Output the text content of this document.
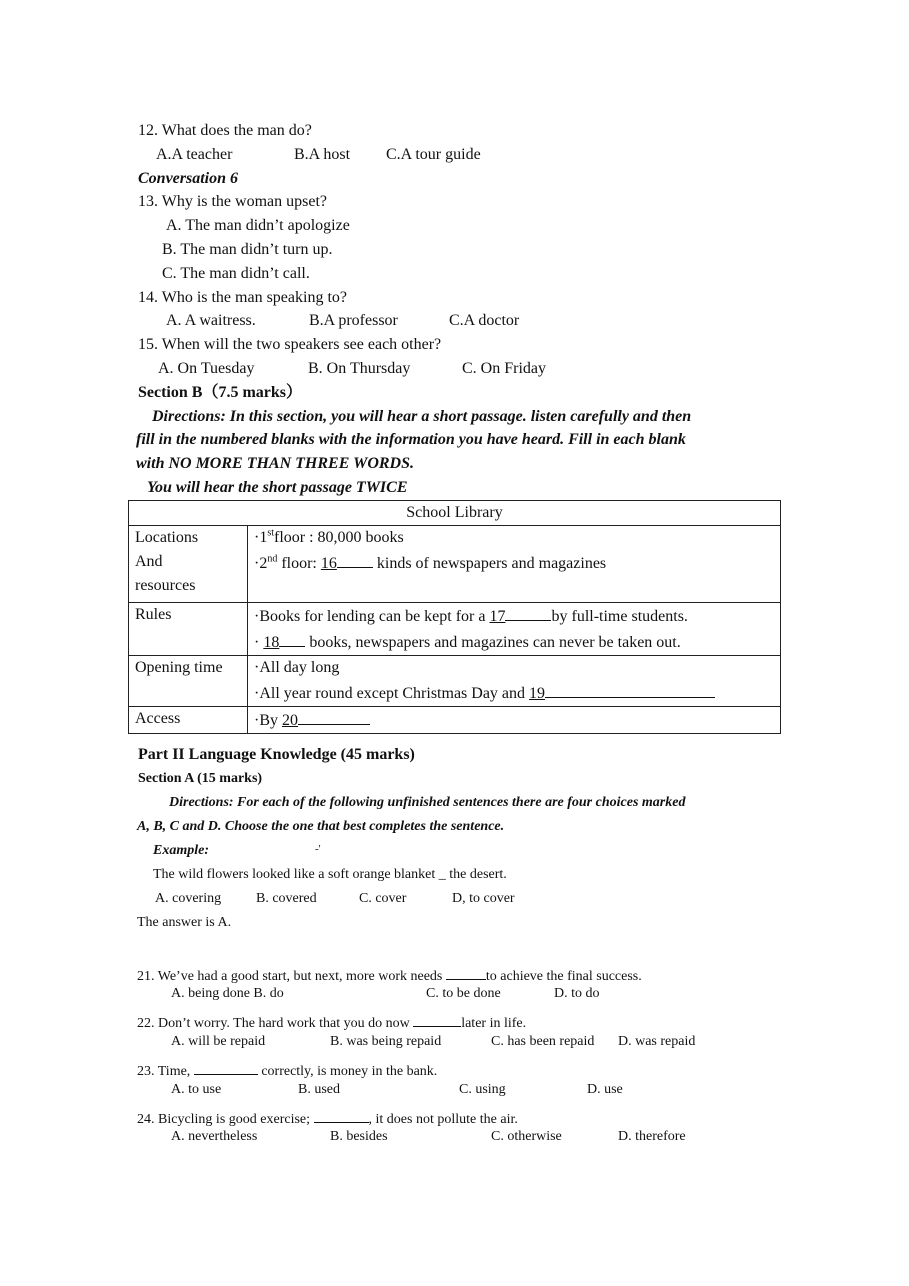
12. What does the man do?
A.A teacher	B.A host C.A tour guide
Conversation 6
13. Why is the woman upset?
A. The man didn’t apologize
B. The man didn’t turn up.
C. The man didn’t call.
14. Who is the man speaking to?
A. A waitress.	B.A professor	C.A doctor
15. When will the two speakers see each other?
A. On Tuesday	B. On Thursday	C. On Friday
Section B（7.5 marks）
Directions: In this section, you will hear a short passage. listen carefully and then
fill in the numbered blanks with the information you have heard. Fill in each blank
with NO MORE THAN THREE WORDS.
You will hear the short passage TWICE
School Library	

Locations
And
resources	·1stfloor : 80,000 books
·2nd floor: 16 kinds of newspapers and magazines

Rules	·Books for lending can be kept for a 17 by full-time students.
· 18 books, newspapers and magazines can never be taken out.

Opening time	·All day long
·All year round except Christmas Day and 19

Access	·By 20
Part II Language Knowledge (45 marks)
Section A (15 marks)
Directions: For each of the following unfinished sentences there are four choices marked
A, B, C and D. Choose the one that best completes the sentence.
Example:	-'
The wild flowers looked like a soft orange blanket _ the desert.
A. covering B. covered	C. cover	D, to cover
The answer is A.
21. We’ve had a good start, but next, more work needs	to achieve the final success.
A. being done B. do	C. to be done	D. to do
22. Don’t worry. The hard work that you do now	later in life.
A. will be repaid	B. was being repaid	C. has been repaid D. was repaid
23. Time,	correctly, is money in the bank.
A. to use	B. used	C. using	D. use
24. Bicycling is good exercise;	, it does not pollute the air.
A. nevertheless	B. besides	C. otherwise	D. therefore
